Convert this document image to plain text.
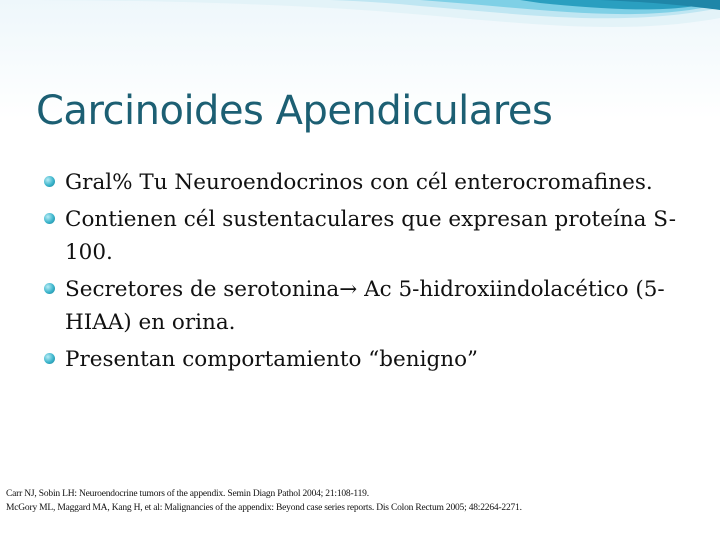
Carcinoides Apendiculares
Gral% Tu Neuroendocrinos con cél enterocromafines.
Contienen cél sustentaculares que expresan proteína S-100.
Secretores de serotonina→ Ac 5-hidroxiindolacético (5-HIAA) en orina.
Presentan comportamiento “benigno”

Carr NJ, Sobin LH: Neuroendocrine tumors of the appendix. Semin Diagn Pathol 2004; 21:108-119.

McGory ML, Maggard MA, Kang H, et al: Malignancies of the appendix: Beyond case series reports. Dis Colon Rectum 2005; 48:2264-2271.
